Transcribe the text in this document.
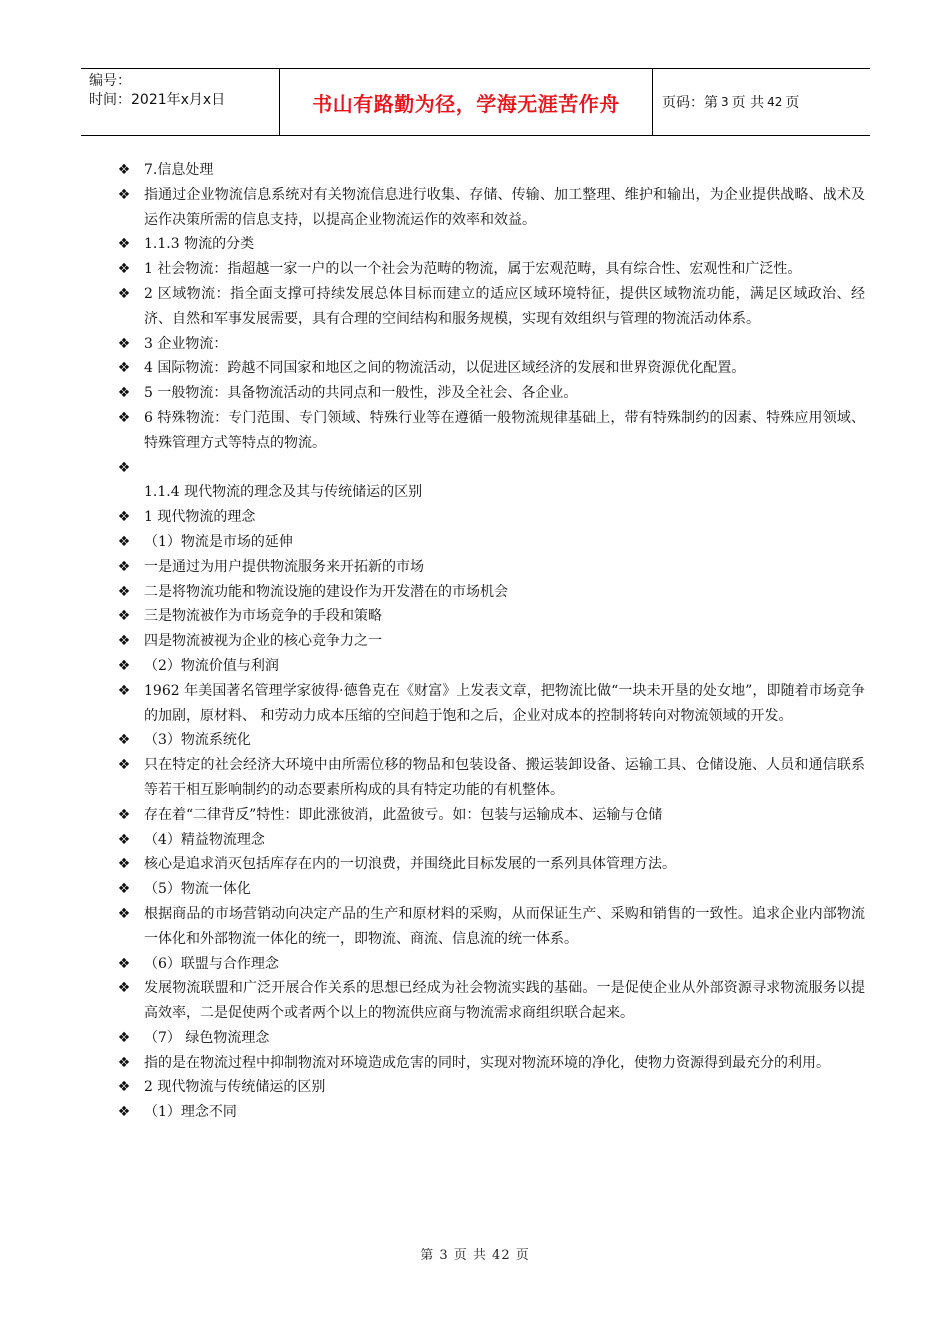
编号：
时间：2021年x月x日	书山有路勤为径，学海无涯苦作舟	页码：第 3 页 共 42 页
❖ 7.信息处理
❖ 指通过企业物流信息系统对有关物流信息进行收集、存储、传输、加工整理、维护和输出，为企业提供战略、战术及运作决策所需的信息支持，以提高企业物流运作的效率和效益。
❖ 1.1.3 物流的分类
❖ 1 社会物流：指超越一家一户的以一个社会为范畴的物流，属于宏观范畴，具有综合性、宏观性和广泛性。
❖ 2 区域物流：指全面支撑可持续发展总体目标而建立的适应区域环境特征，提供区域物流功能，满足区域政治、经济、自然和军事发展需要，具有合理的空间结构和服务规模，实现有效组织与管理的物流活动体系。
❖ 3 企业物流：
❖ 4 国际物流：跨越不同国家和地区之间的物流活动，以促进区域经济的发展和世界资源优化配置。
❖ 5 一般物流：具备物流活动的共同点和一般性，涉及全社会、各企业。
❖ 6 特殊物流：专门范围、专门领域、特殊行业等在遵循一般物流规律基础上，带有特殊制约的因素、特殊应用领域、特殊管理方式等特点的物流。
❖

1.1.4 现代物流的理念及其与传统储运的区别
❖ 1 现代物流的理念
❖ （1）物流是市场的延伸
❖ 一是通过为用户提供物流服务来开拓新的市场
❖ 二是将物流功能和物流设施的建设作为开发潜在的市场机会
❖ 三是物流被作为市场竞争的手段和策略
❖ 四是物流被视为企业的核心竞争力之一
❖ （2）物流价值与利润
❖ 1962 年美国著名管理学家彼得·德鲁克在《财富》上发表文章，把物流比做“一块未开垦的处女地”，即随着市场竞争的加剧，原材料、 和劳动力成本压缩的空间趋于饱和之后，企业对成本的控制将转向对物流领域的开发。
❖ （3）物流系统化
❖ 只在特定的社会经济大环境中由所需位移的物品和包装设备、搬运装卸设备、运输工具、仓储设施、人员和通信联系等若干相互影响制约的动态要素所构成的具有特定功能的有机整体。
❖ 存在着“二律背反”特性：即此涨彼消，此盈彼亏。如：包装与运输成本、运输与仓储
❖ （4）精益物流理念
❖ 核心是追求消灭包括库存在内的一切浪费，并围绕此目标发展的一系列具体管理方法。
❖ （5）物流一体化
❖ 根据商品的市场营销动向决定产品的生产和原材料的采购，从而保证生产、采购和销售的一致性。追求企业内部物流一体化和外部物流一体化的统一，即物流、商流、信息流的统一体系。
❖ （6）联盟与合作理念
❖ 发展物流联盟和广泛开展合作关系的思想已经成为社会物流实践的基础。一是促使企业从外部资源寻求物流服务以提高效率，二是促使两个或者两个以上的物流供应商与物流需求商组织联合起来。
❖ （7） 绿色物流理念
❖ 指的是在物流过程中抑制物流对环境造成危害的同时，实现对物流环境的净化，使物力资源得到最充分的利用。
❖ 2 现代物流与传统储运的区别
❖ （1）理念不同
第 3 页 共 42 页
